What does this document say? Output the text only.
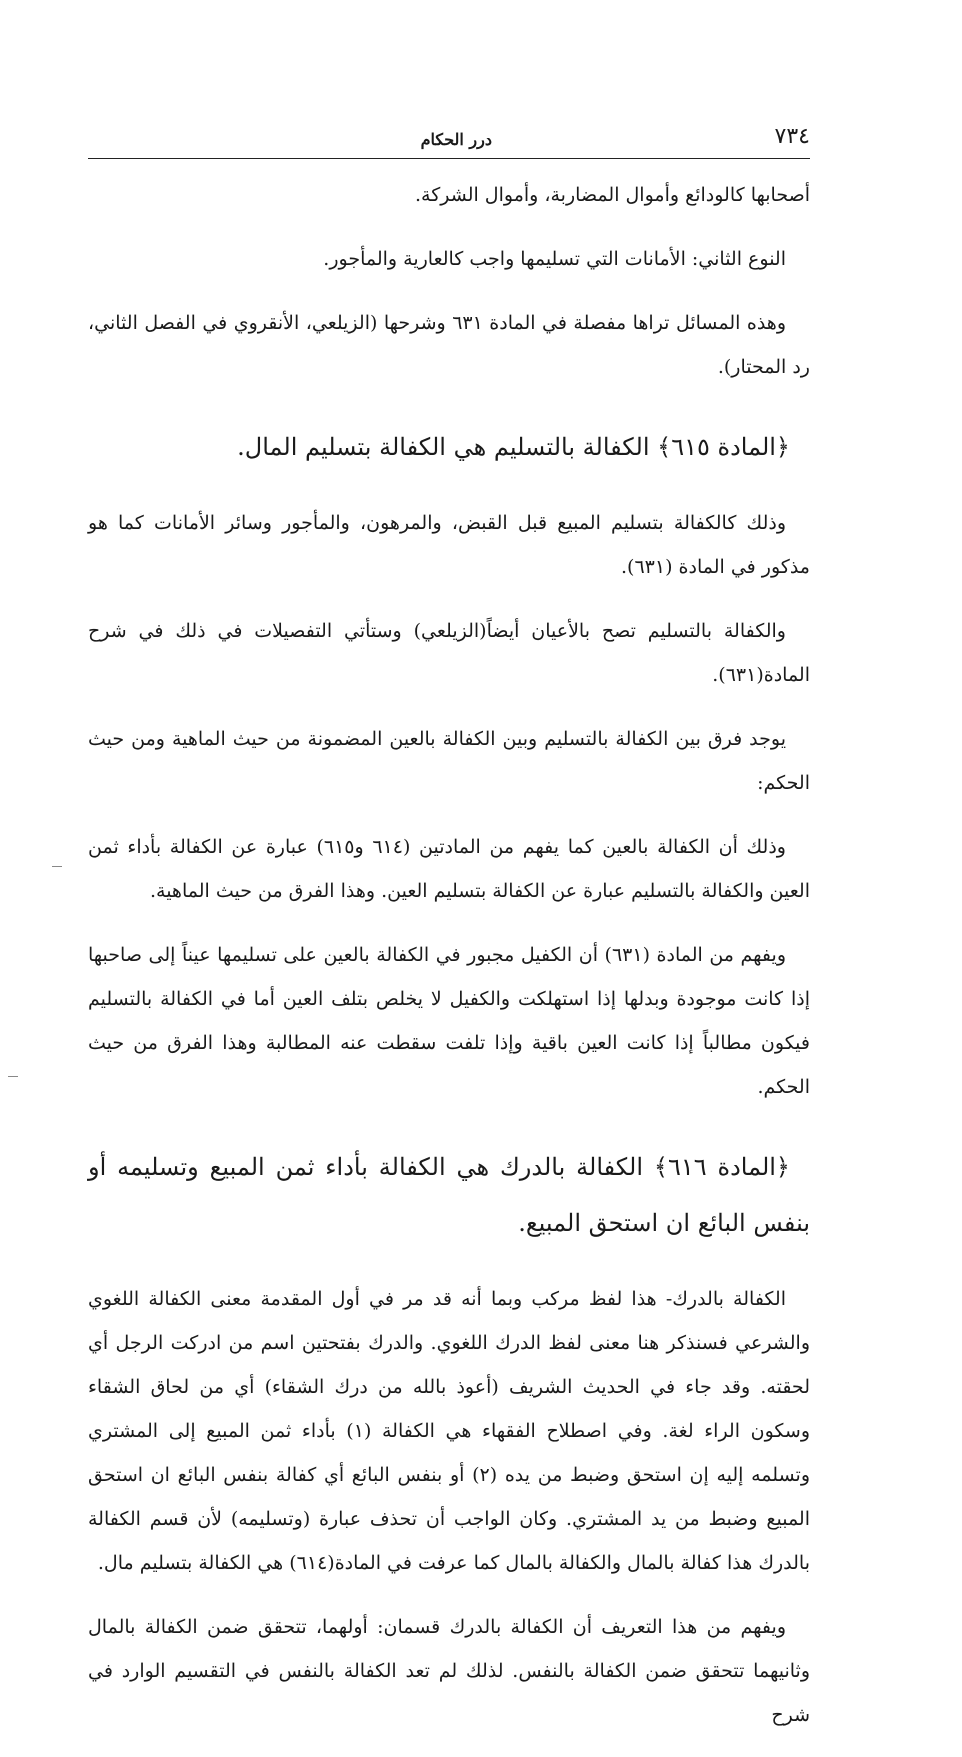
٧٣٤
درر الحكام

أصحابها كالودائع وأموال المضاربة، وأموال الشركة.

النوع الثاني: الأمانات التي تسليمها واجب كالعارية والمأجور.

وهذه المسائل تراها مفصلة في المادة ٦٣١ وشرحها (الزيلعي، الأنقروي في الفصل الثاني، رد المحتار).

﴿المادة ٦١٥﴾ الكفالة بالتسليم هي الكفالة بتسليم المال.

وذلك كالكفالة بتسليم المبيع قبل القبض، والمرهون، والمأجور وسائر الأمانات كما هو مذكور في المادة (٦٣١).

والكفالة بالتسليم تصح بالأعيان أيضاً(الزيلعي) وستأتي التفصيلات في ذلك في شرح المادة(٦٣١).

يوجد فرق بين الكفالة بالتسليم وبين الكفالة بالعين المضمونة من حيث الماهية ومن حيث الحكم:

وذلك أن الكفالة بالعين كما يفهم من المادتين (٦١٤ و٦١٥) عبارة عن الكفالة بأداء ثمن العين والكفالة بالتسليم عبارة عن الكفالة بتسليم العين. وهذا الفرق من حيث الماهية.

ويفهم من المادة (٦٣١) أن الكفيل مجبور في الكفالة بالعين على تسليمها عيناً إلى صاحبها إذا كانت موجودة وبدلها إذا استهلكت والكفيل لا يخلص بتلف العين أما في الكفالة بالتسليم فيكون مطالباً إذا كانت العين باقية وإذا تلفت سقطت عنه المطالبة وهذا الفرق من حيث الحكم.

﴿المادة ٦١٦﴾ الكفالة بالدرك هي الكفالة بأداء ثمن المبيع وتسليمه أو بنفس البائع ان استحق المبيع.

الكفالة بالدرك- هذا لفظ مركب وبما أنه قد مر في أول المقدمة معنى الكفالة اللغوي والشرعي فسنذكر هنا معنى لفظ الدرك اللغوي. والدرك بفتحتين اسم من ادركت الرجل أي لحقته. وقد جاء في الحديث الشريف (أعوذ بالله من درك الشقاء) أي من لحاق الشقاء وسكون الراء لغة. وفي اصطلاح الفقهاء هي الكفالة (١) بأداء ثمن المبيع إلى المشتري وتسلمه إليه إن استحق وضبط من يده (٢) أو بنفس البائع أي كفالة بنفس البائع ان استحق المبيع وضبط من يد المشتري. وكان الواجب أن تحذف عبارة (وتسليمه) لأن قسم الكفالة بالدرك هذا كفالة بالمال والكفالة بالمال كما عرفت في المادة(٦١٤) هي الكفالة بتسليم مال.

ويفهم من هذا التعريف أن الكفالة بالدرك قسمان: أولهما، تتحقق ضمن الكفالة بالمال وثانيهما تتحقق ضمن الكفالة بالنفس. لذلك لم تعد الكفالة بالنفس في التقسيم الوارد في شرح
